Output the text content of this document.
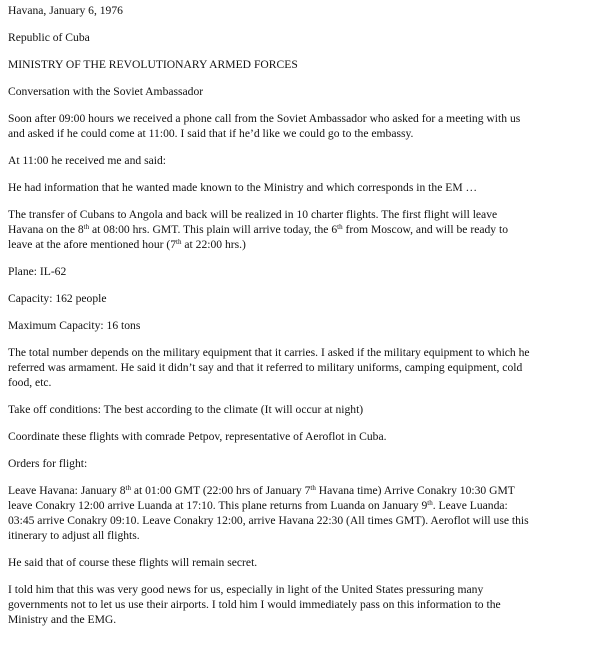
Havana, January 6, 1976

Republic of Cuba

MINISTRY OF THE REVOLUTIONARY ARMED FORCES

Conversation with the Soviet Ambassador

Soon after 09:00 hours we received a phone call from the Soviet Ambassador who asked for a meeting with us
and asked if he could come at 11:00. I said that if he’d like we could go to the embassy.

At 11:00 he received me and said:

He had information that he wanted made known to the Ministry and which corresponds in the EM …

The transfer of Cubans to Angola and back will be realized in 10 charter flights. The first flight will leave
Havana on the 8th at 08:00 hrs. GMT. This plain will arrive today, the 6th from Moscow, and will be ready to
leave at the afore mentioned hour (7th at 22:00 hrs.)

Plane: IL-62

Capacity: 162 people

Maximum Capacity: 16 tons

The total number depends on the military equipment that it carries. I asked if the military equipment to which he
referred was armament. He said it didn’t say and that it referred to military uniforms, camping equipment, cold
food, etc.

Take off conditions: The best according to the climate (It will occur at night)

Coordinate these flights with comrade Petpov, representative of Aeroflot in Cuba.

Orders for flight:

Leave Havana: January 8th at 01:00 GMT (22:00 hrs of January 7th Havana time) Arrive Conakry 10:30 GMT
leave Conakry 12:00 arrive Luanda at 17:10. This plane returns from Luanda on January 9th. Leave Luanda:
03:45 arrive Conakry 09:10. Leave Conakry 12:00, arrive Havana 22:30 (All times GMT). Aeroflot will use this
itinerary to adjust all flights.

He said that of course these flights will remain secret.

I told him that this was very good news for us, especially in light of the United States pressuring many
governments not to let us use their airports. I told him I would immediately pass on this information to the
Ministry and the EMG.
